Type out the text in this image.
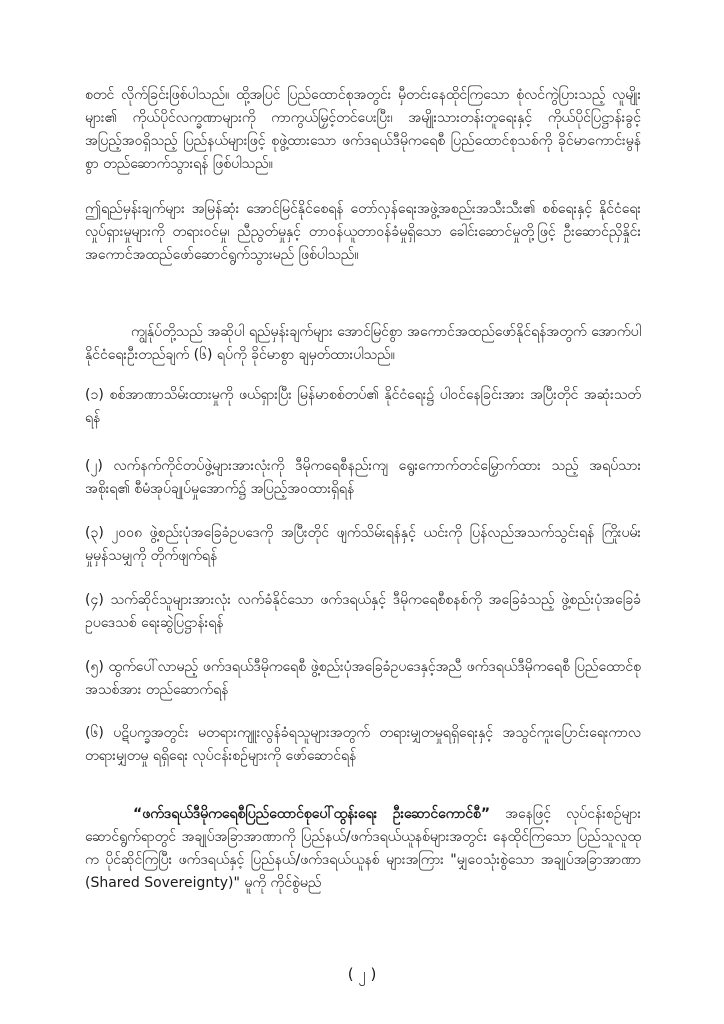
စတင် လိုက်ခြင်းဖြစ်ပါသည်။ ထို့အပြင် ပြည်ထောင်စုအတွင်း မှီတင်းနေထိုင်ကြသော စုံလင်ကွဲပြားသည့် လူမျိုးများ၏ ကိုယ်ပိုင်လက္ခဏာများကို ကာကွယ်မြှင့်တင်ပေးပြီး၊ အမျိုးသားတန်းတူရေးနှင့် ကိုယ်ပိုင်ပြဋ္ဌာန်းခွင့် အပြည့်အဝရှိသည့် ပြည်နယ်များဖြင့် စုဖွဲ့ထားသော ဖက်ဒရယ်ဒီမိုကရေစီ ပြည်ထောင်စုသစ်ကို ခိုင်မာကောင်းမွန်စွာ တည်ဆောက်သွားရန် ဖြစ်ပါသည်။

ဤရည်မှန်းချက်များ အမြန်ဆုံး အောင်မြင်နိုင်စေရန် တော်လှန်ရေးအဖွဲ့အစည်းအသီးသီး၏ စစ်ရေးနှင့် နိုင်ငံရေးလှုပ်ရှားမှုများကို တရားဝင်မှု၊ ညီညွတ်မှုနှင့် တာဝန်ယူတာဝန်ခံမှုရှိသော ခေါင်းဆောင်မှုတို့ဖြင့် ဦးဆောင်ညှိနှိုင်း အကောင်အထည်ဖော်ဆောင်ရွက်သွားမည် ဖြစ်ပါသည်။

ကျွန်ုပ်တို့သည် အဆိုပါ ရည်မှန်းချက်များ အောင်မြင်စွာ အကောင်အထည်ဖော်နိုင်ရန်အတွက် အောက်ပါ နိုင်ငံရေးဦးတည်ချက် (၆) ရပ်ကို ခိုင်မာစွာ ချမှတ်ထားပါသည်။

(၁) စစ်အာဏာသိမ်းထားမှုကို ဖယ်ရှားပြီး မြန်မာစစ်တပ်၏ နိုင်ငံရေး၌ ပါဝင်နေခြင်းအား အပြီးတိုင် အဆုံးသတ်ရန်

(၂) လက်နက်ကိုင်တပ်ဖွဲ့များအားလုံးကို ဒီမိုကရေစီနည်းကျ ရွေးကောက်တင်မြှောက်ထား သည့် အရပ်သားအစိုးရ၏ စီမံအုပ်ချုပ်မှုအောက်၌ အပြည့်အဝထားရှိရန်

(၃) ၂၀၀၈ ဖွဲ့စည်းပုံအခြေခံဥပဒေကို အပြီးတိုင် ဖျက်သိမ်းရန်နှင့် ယင်းကို ပြန်လည်အသက်သွင်းရန် ကြိုးပမ်းမှုမှန်သမျှကို တိုက်ဖျက်ရန်

(၄) သက်ဆိုင်သူများအားလုံး လက်ခံနိုင်သော ဖက်ဒရယ်နှင့် ဒီမိုကရေစီစနစ်ကို အခြေခံသည့် ဖွဲ့စည်းပုံအခြေခံဥပဒေသစ် ရေးဆွဲပြဋ္ဌာန်းရန်

(၅) ထွက်ပေါ်လာမည့် ဖက်ဒရယ်ဒီမိုကရေစီ ဖွဲ့စည်းပုံအခြေခံဥပဒေနှင့်အညီ ဖက်ဒရယ်ဒီမိုကရေစီ ပြည်ထောင်စုအသစ်အား တည်ဆောက်ရန်

(၆) ပဋိပက္ခအတွင်း မတရားကျူးလွန်ခံရသူများအတွက် တရားမျှတမှုရရှိရေးနှင့် အသွင်ကူးပြောင်းရေးကာလ တရားမျှတမှု ရရှိရေး လုပ်ငန်းစဉ်များကို ဖော်ဆောင်ရန်

“ဖက်ဒရယ်ဒီမိုကရေစီပြည်ထောင်စုပေါ်ထွန်းရေး ဦးဆောင်ကောင်စီ” အနေဖြင့် လုပ်ငန်းစဉ်များ ဆောင်ရွက်ရာတွင် အချုပ်အခြာအာဏာကို ပြည်နယ်/ဖက်ဒရယ်ယူနစ်များအတွင်း နေထိုင်ကြသော ပြည်သူလူထုက ပိုင်ဆိုင်ကြပြီး ဖက်ဒရယ်နှင့် ပြည်နယ်/ဖက်ဒရယ်ယူနစ် များအကြား "မျှဝေသုံးစွဲသော အချုပ်အခြာအာဏာ (Shared Sovereignty)" မူကို ကိုင်စွဲမည်

( ၂ )
